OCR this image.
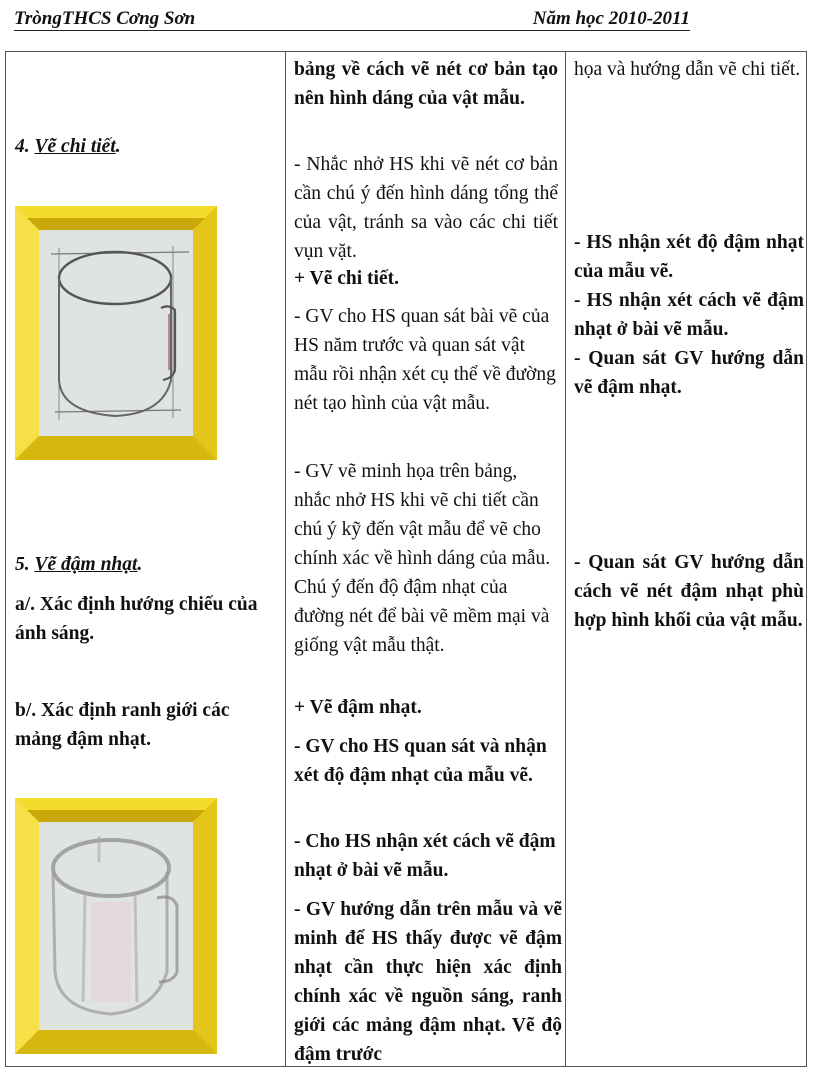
TròngTHCS Cơng Sơn	Năm học 2010-2011
4. Vẽ chi tiết.
5. Vẽ đậm nhạt.
a/. Xác định hướng chiếu của ánh sáng.
b/. Xác định ranh giới các mảng đậm nhạt.
bảng về cách vẽ nét cơ bản tạo nên hình dáng của vật mẫu.
- Nhắc nhở HS khi vẽ nét cơ bản cần chú ý đến hình dáng tổng thể của vật, tránh sa vào các chi tiết vụn vặt.
+ Vẽ chi tiết.
- GV cho HS quan sát bài vẽ của HS năm trước và quan sát vật mẫu rồi nhận xét cụ thể về đường nét tạo hình của vật mẫu.
- GV vẽ minh họa trên bảng, nhắc nhở HS khi vẽ chi tiết cần chú ý kỹ đến vật mẫu để vẽ cho chính xác về hình dáng của mẫu. Chú ý đến độ đậm nhạt của đường nét để bài vẽ mềm mại và giống vật mẫu thật.
+ Vẽ đậm nhạt.
- GV cho HS quan sát và nhận xét độ đậm nhạt của mẫu vẽ.
- Cho HS nhận xét cách vẽ đậm nhạt ở bài vẽ mẫu.
- GV hướng dẫn trên mẫu và vẽ minh để HS thấy được vẽ đậm nhạt cần thực hiện xác định chính xác về nguồn sáng, ranh giới các mảng đậm nhạt. Vẽ độ đậm trước
họa và hướng dẫn vẽ chi tiết.
- HS nhận xét độ đậm nhạt của mẫu vẽ.
- HS nhận xét cách vẽ đậm nhạt ở bài vẽ mẫu.
- Quan sát GV hướng dẫn vẽ đậm nhạt.
- Quan sát GV hướng dẫn cách vẽ nét đậm nhạt phù hợp hình khối của vật mẫu.
